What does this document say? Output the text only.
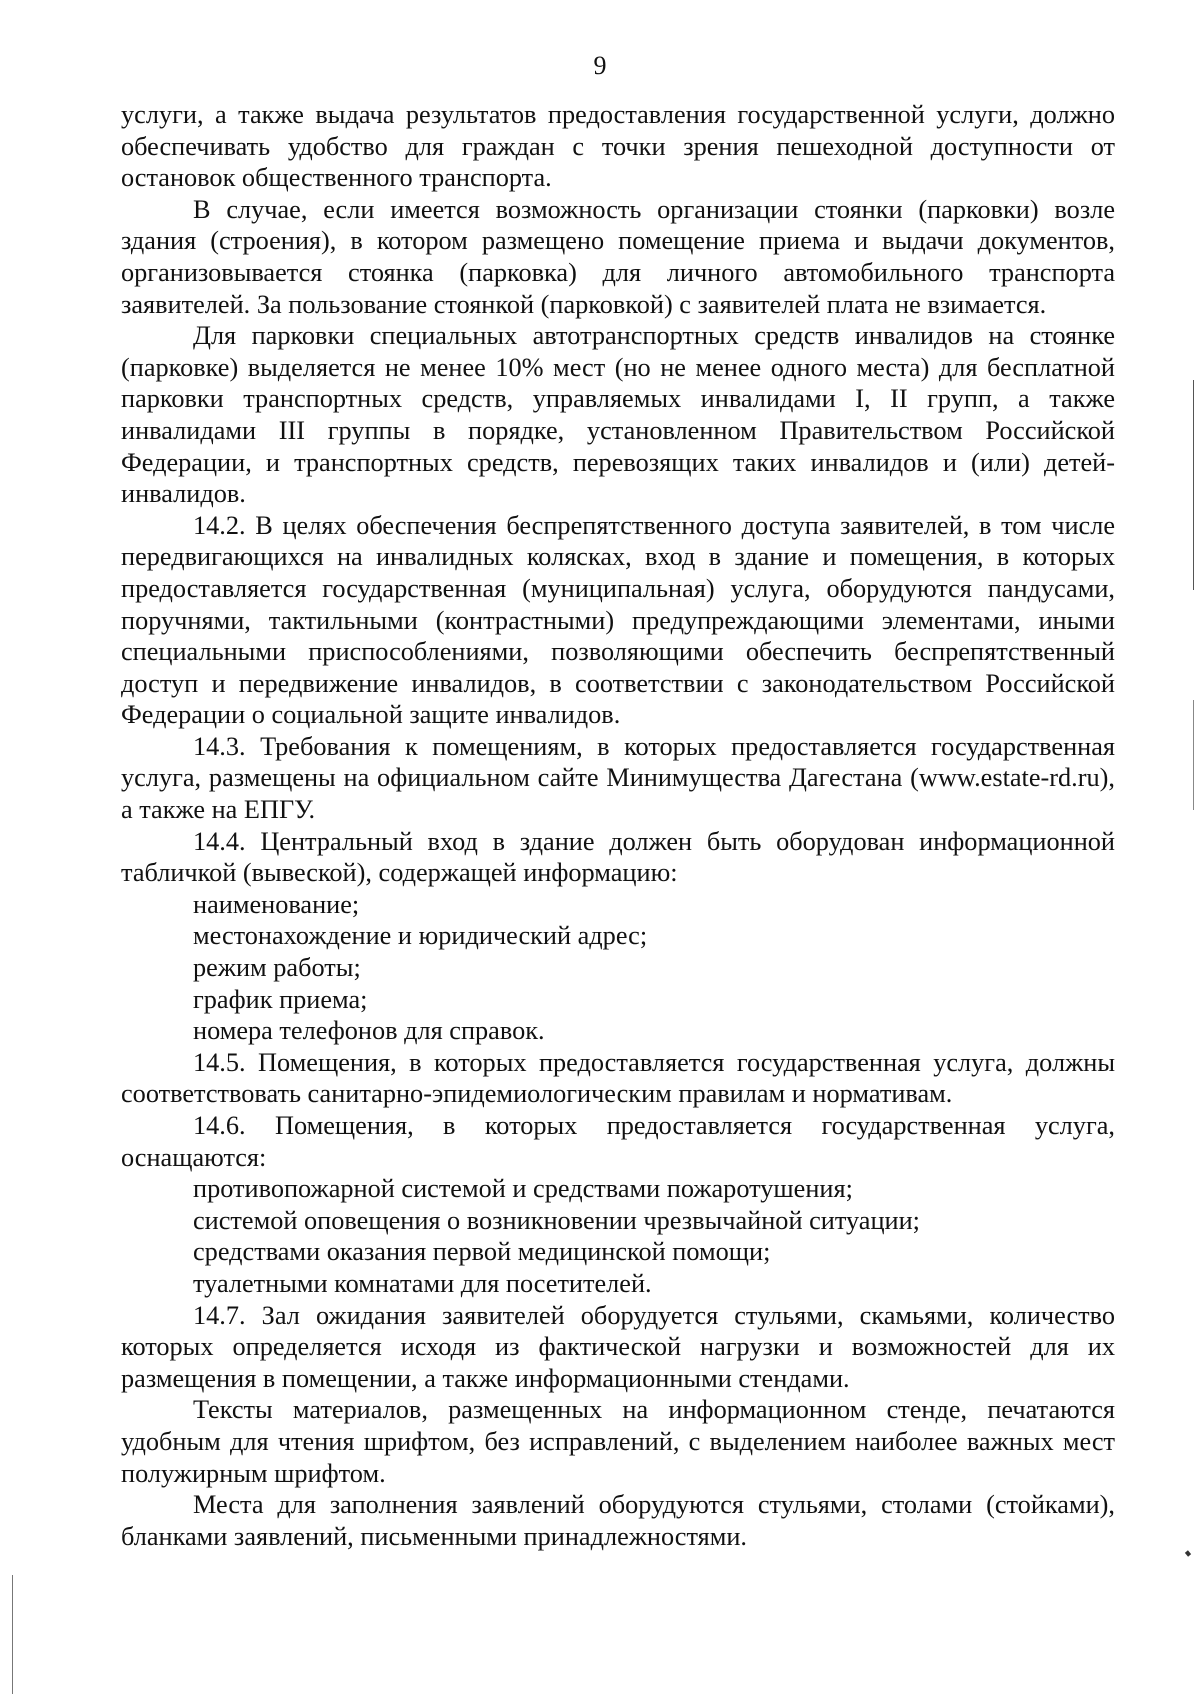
9

услуги, а также выдача результатов предоставления государственной услуги, должно обеспечивать удобство для граждан с точки зрения пешеходной доступности от остановок общественного транспорта.

В случае, если имеется возможность организации стоянки (парковки) возле здания (строения), в котором размещено помещение приема и выдачи документов, организовывается стоянка (парковка) для личного автомобильного транспорта заявителей. За пользование стоянкой (парковкой) с заявителей плата не взимается.

Для парковки специальных автотранспортных средств инвалидов на стоянке (парковке) выделяется не менее 10% мест (но не менее одного места) для бесплатной парковки транспортных средств, управляемых инвалидами I, II групп, а также инвалидами III группы в порядке, установленном Правительством Российской Федерации, и транспортных средств, перевозящих таких инвалидов и (или) детей-инвалидов.

14.2. В целях обеспечения беспрепятственного доступа заявителей, в том числе передвигающихся на инвалидных колясках, вход в здание и помещения, в которых предоставляется государственная (муниципальная) услуга, оборудуются пандусами, поручнями, тактильными (контрастными) предупреждающими элементами, иными специальными приспособлениями, позволяющими обеспечить беспрепятственный доступ и передвижение инвалидов, в соответствии с законодательством Российской Федерации о социальной защите инвалидов.

14.3. Требования к помещениям, в которых предоставляется государственная услуга, размещены на официальном сайте Минимущества Дагестана (www.estate-rd.ru), а также на ЕПГУ.

14.4. Центральный вход в здание должен быть оборудован информационной табличкой (вывеской), содержащей информацию:

наименование;

местонахождение и юридический адрес;

режим работы;

график приема;

номера телефонов для справок.

14.5. Помещения, в которых предоставляется государственная услуга, должны соответствовать санитарно-эпидемиологическим правилам и нормативам.

14.6. Помещения, в которых предоставляется государственная услуга, оснащаются:

противопожарной системой и средствами пожаротушения;

системой оповещения о возникновении чрезвычайной ситуации;

средствами оказания первой медицинской помощи;

туалетными комнатами для посетителей.

14.7. Зал ожидания заявителей оборудуется стульями, скамьями, количество которых определяется исходя из фактической нагрузки и возможностей для их размещения в помещении, а также информационными стендами.

Тексты материалов, размещенных на информационном стенде, печатаются удобным для чтения шрифтом, без исправлений, с выделением наиболее важных мест полужирным шрифтом.

Места для заполнения заявлений оборудуются стульями, столами (стойками), бланками заявлений, письменными принадлежностями.
